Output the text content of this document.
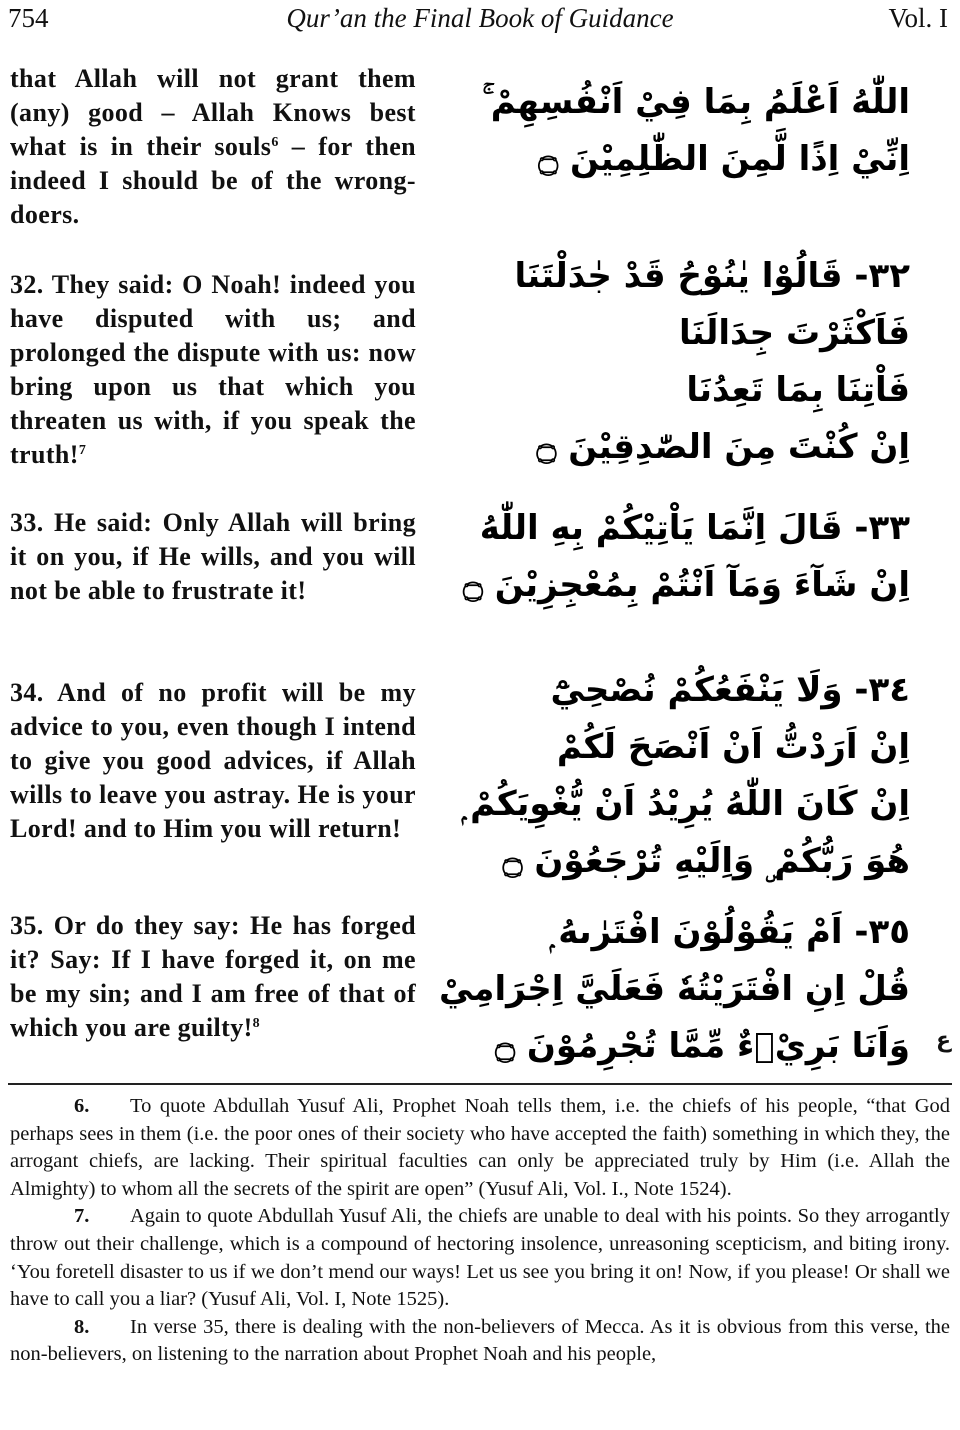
754	Qur’an the Final Book of Guidance	Vol. I
that Allah will not grant them (any) good – Allah Knows best what is in their souls$^6$ – for then indeed I should be of the wrong-doers.
اللّٰهُ اَعْلَمُ بِمَا فِيْ اَنْفُسِهِمْ ۚ
اِنِّيْ اِذًا لَّمِنَ الظّٰلِمِيْنَ ۝
32. They said: O Noah! indeed you have disputed with us; and prolonged the dispute with us: now bring upon us that which you threaten us with, if you speak the truth!$^7$
٣٢- قَالُوْا يٰنُوْحُ قَدْ جٰدَلْتَنَا
فَاَكْثَرْتَ جِدَالَنَا
فَاْتِنَا بِمَا تَعِدُنَا
اِنْ كُنْتَ مِنَ الصّٰدِقِيْنَ ۝
33. He said: Only Allah will bring it on you, if He wills, and you will not be able to frustrate it!
٣٣- قَالَ اِنَّمَا يَاْتِيْكُمْ بِهِ اللّٰهُ
اِنْ شَآءَ وَمَآ اَنْتُمْ بِمُعْجِزِيْنَ ۝
34. And of no profit will be my advice to you, even though I intend to give you good advices, if Allah wills to leave you astray. He is your Lord! and to Him you will return!
٣٤- وَلَا يَنْفَعُكُمْ نُصْحِيْٓ
اِنْ اَرَدْتُّ اَنْ اَنْصَحَ لَكُمْ
اِنْ كَانَ اللّٰهُ يُرِيْدُ اَنْ يُّغْوِيَكُمْ ۭ
هُوَ رَبُّكُمْ ۣ وَاِلَيْهِ تُرْجَعُوْنَ ۝
35. Or do they say: He has forged it? Say: If I have forged it, on me be my sin; and I am free of that of which you are guilty!$^8$
٣٥- اَمْ يَقُوْلُوْنَ افْتَرٰىهُ ۭ
قُلْ اِنِ افْتَرَيْتُهٗ فَعَلَيَّ اِجْرَامِيْ
وَاَنَا بَرِيْۗءٌ مِّمَّا تُجْرِمُوْنَ ۝ ع

6. To quote Abdullah Yusuf Ali, Prophet Noah tells them, i.e. the chiefs of his people, “that God perhaps sees in them (i.e. the poor ones of their society who have accepted the faith) something in which they, the arrogant chiefs, are lacking. Their spiritual faculties can only be appreciated truly by Him (i.e. Allah the Almighty) to whom all the secrets of the spirit are open” (Yusuf Ali, Vol. I., Note 1524).

7. Again to quote Abdullah Yusuf Ali, the chiefs are unable to deal with his points. So they arrogantly throw out their challenge, which is a compound of hectoring insolence, unreasoning scepticism, and biting irony. ‘You foretell disaster to us if we don’t mend our ways! Let us see you bring it on! Now, if you please! Or shall we have to call you a liar? (Yusuf Ali, Vol. I, Note 1525).

8. In verse 35, there is dealing with the non-believers of Mecca. As it is obvious from this verse, the non-believers, on listening to the narration about Prophet Noah and his people,
